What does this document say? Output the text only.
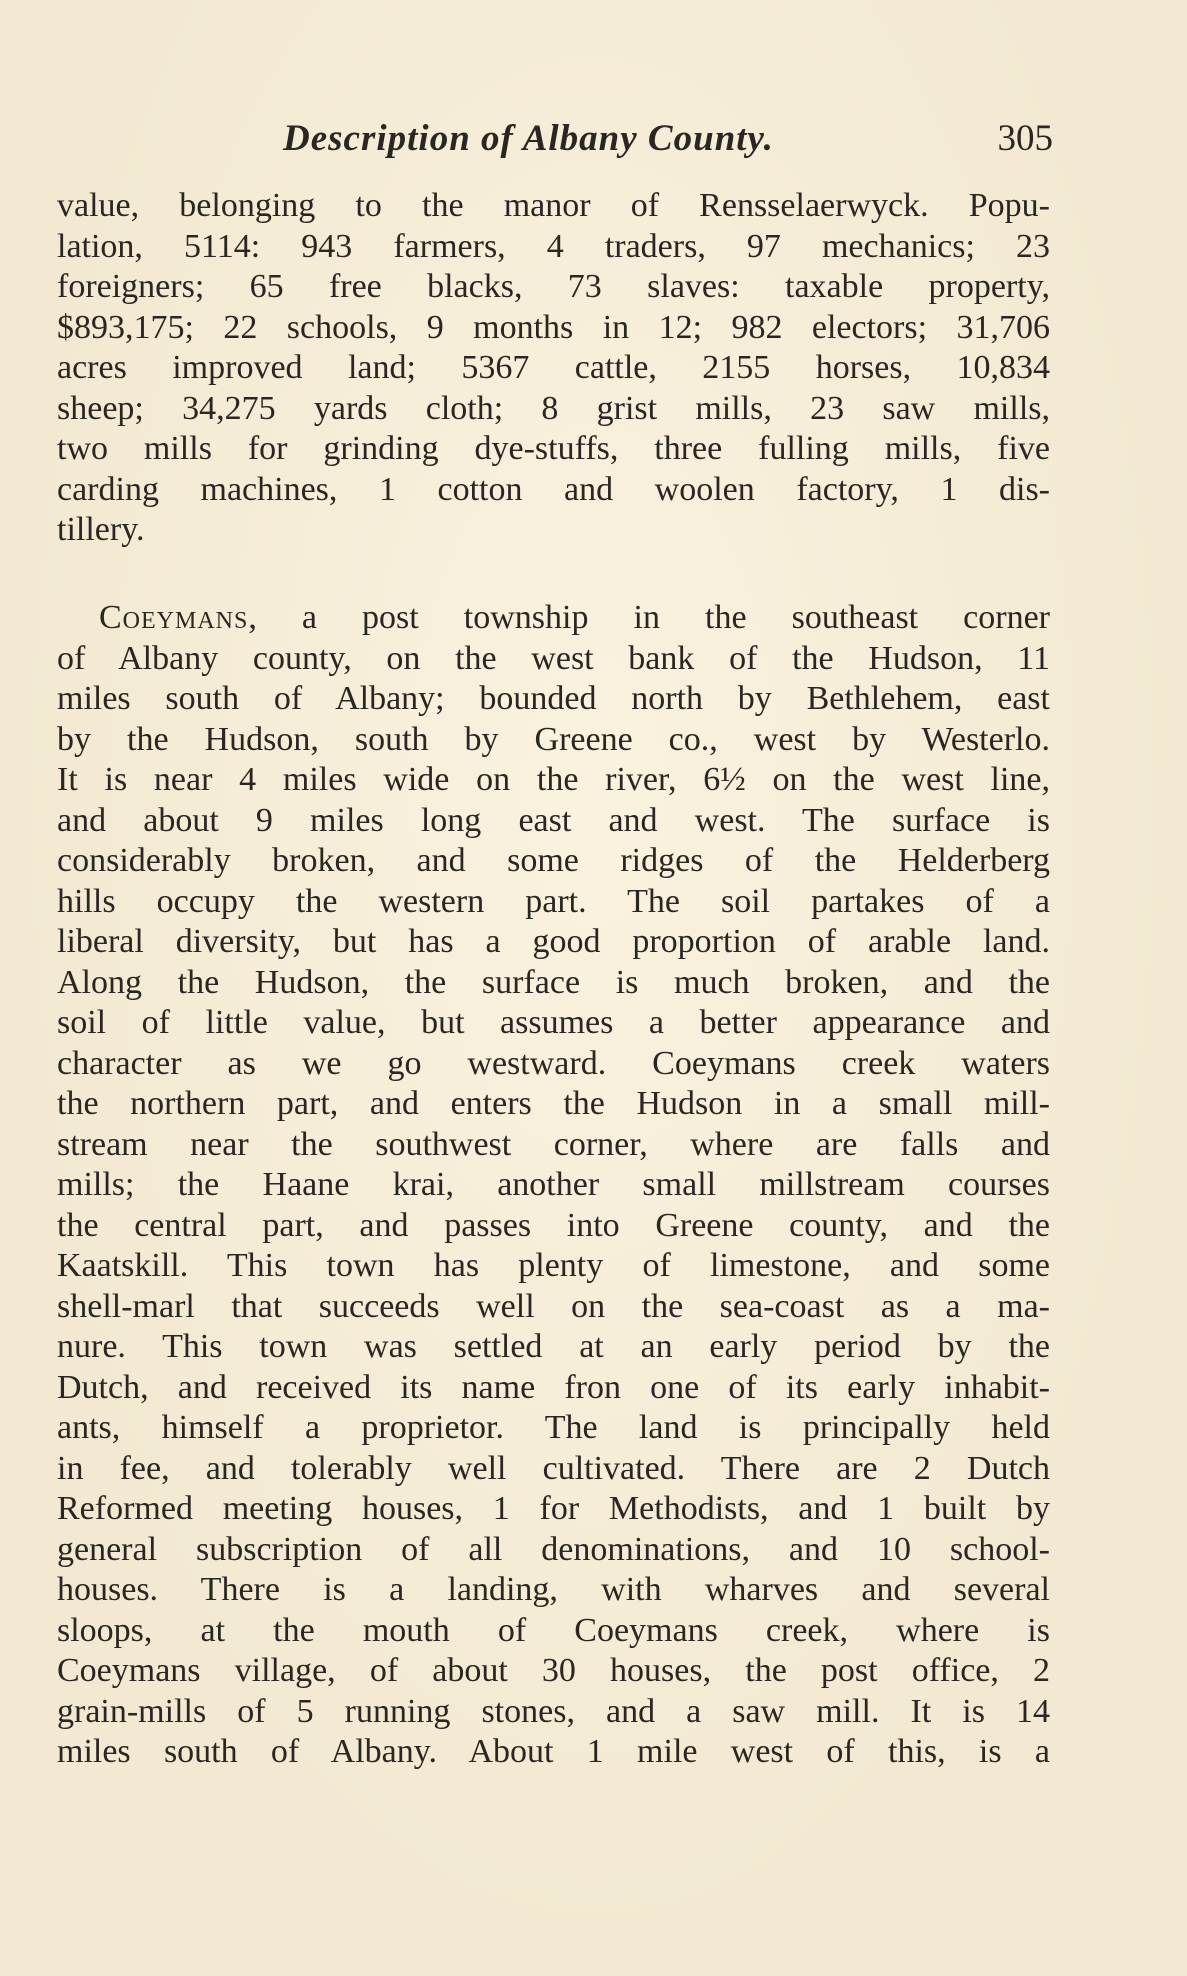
Description of Albany County.	305
value, belonging to the manor of Rensselaerwyck. Popu-
lation, 5114: 943 farmers, 4 traders, 97 mechanics; 23
foreigners; 65 free blacks, 73 slaves: taxable property,
$893,175; 22 schools, 9 months in 12; 982 electors; 31,706
acres improved land; 5367 cattle, 2155 horses, 10,834
sheep; 34,275 yards cloth; 8 grist mills, 23 saw mills,
two mills for grinding dye-stuffs, three fulling mills, five
carding machines, 1 cotton and woolen factory, 1 dis-
tillery.
Coeymans, a post township in the southeast corner
of Albany county, on the west bank of the Hudson, 11
miles south of Albany; bounded north by Bethlehem, east
by the Hudson, south by Greene co., west by Westerlo.
It is near 4 miles wide on the river, 6½ on the west line,
and about 9 miles long east and west. The surface is
considerably broken, and some ridges of the Helderberg
hills occupy the western part. The soil partakes of a
liberal diversity, but has a good proportion of arable land.
Along the Hudson, the surface is much broken, and the
soil of little value, but assumes a better appearance and
character as we go westward. Coeymans creek waters
the northern part, and enters the Hudson in a small mill-
stream near the southwest corner, where are falls and
mills; the Haane krai, another small millstream courses
the central part, and passes into Greene county, and the
Kaatskill. This town has plenty of limestone, and some
shell-marl that succeeds well on the sea-coast as a ma-
nure. This town was settled at an early period by the
Dutch, and received its name fron one of its early inhabit-
ants, himself a proprietor. The land is principally held
in fee, and tolerably well cultivated. There are 2 Dutch
Reformed meeting houses, 1 for Methodists, and 1 built by
general subscription of all denominations, and 10 school-
houses. There is a landing, with wharves and several
sloops, at the mouth of Coeymans creek, where is
Coeymans village, of about 30 houses, the post office, 2
grain-mills of 5 running stones, and a saw mill. It is 14
miles south of Albany. About 1 mile west of this, is a
